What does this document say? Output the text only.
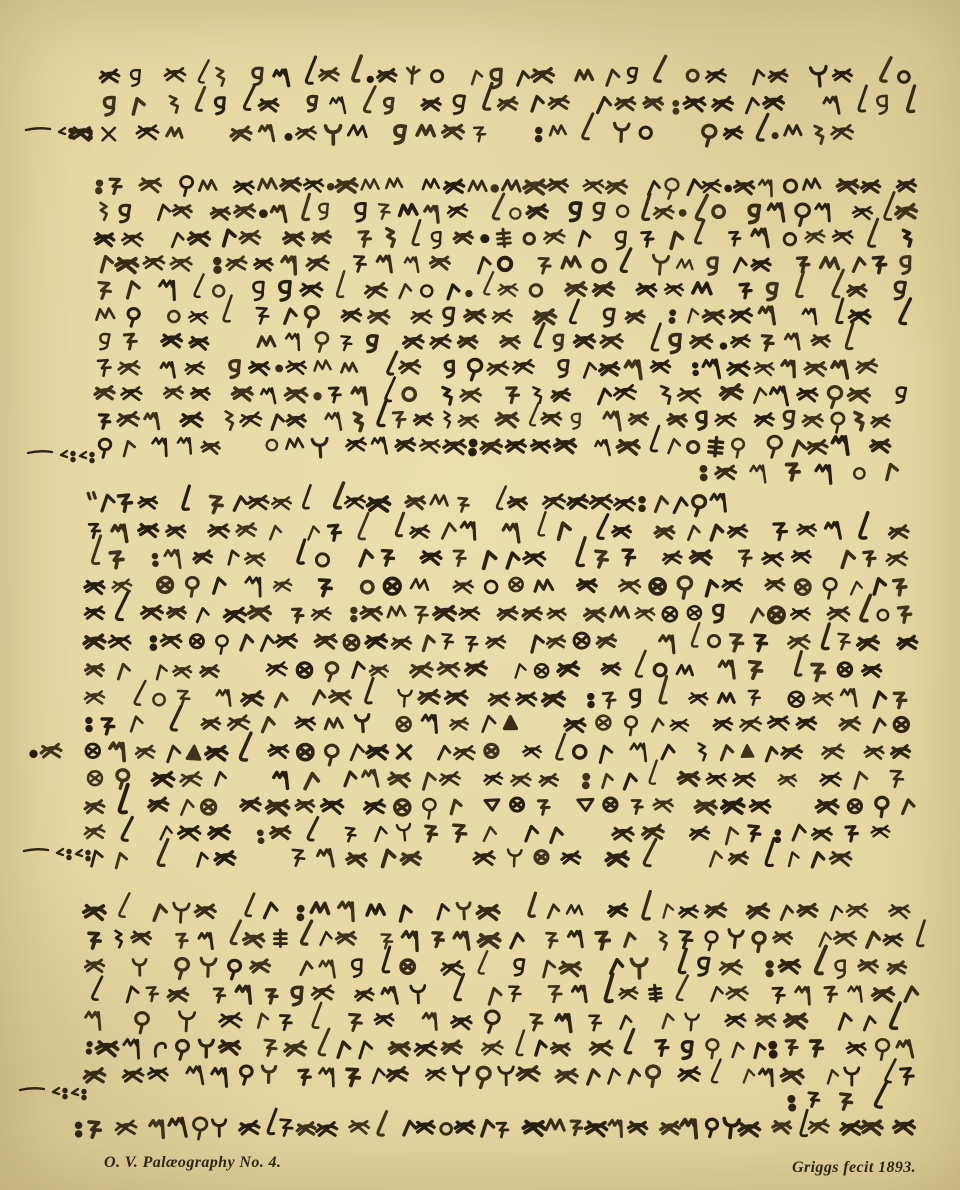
O. V. Palæography No. 4.	Griggs fecit 1893.
